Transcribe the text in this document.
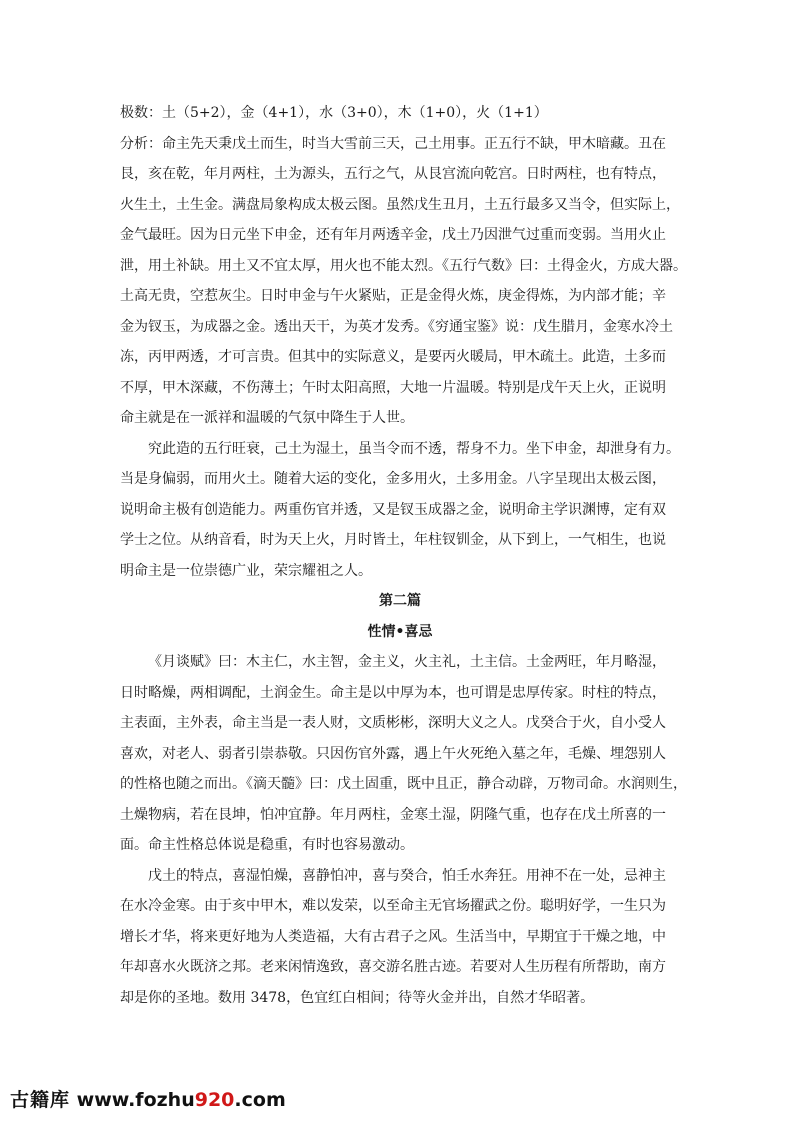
极数：土（5+2），金（4+1），水（3+0），木（1+0），火（1+1）
分析：命主先天秉戊土而生，时当大雪前三天，己土用事。正五行不缺，甲木暗藏。丑在
艮，亥在乾，年月两柱，土为源头，五行之气，从艮宫流向乾宫。日时两柱，也有特点，
火生土，土生金。满盘局象构成太极云图。虽然戊生丑月，土五行最多又当令，但实际上，
金气最旺。因为日元坐下申金，还有年月两透辛金，戊土乃因泄气过重而变弱。当用火止
泄，用土补缺。用土又不宜太厚，用火也不能太烈。《五行气数》曰：土得金火，方成大器。
土高无贵，空惹灰尘。日时申金与午火紧贴，正是金得火炼，庚金得炼，为内部才能；辛
金为钗玉，为成器之金。透出天干，为英才发秀。《穷通宝鉴》说：戊生腊月，金寒水冷土
冻，丙甲两透，才可言贵。但其中的实际意义，是要丙火暖局，甲木疏土。此造，土多而
不厚，甲木深藏，不伤薄土；午时太阳高照，大地一片温暖。特别是戊午天上火，正说明
命主就是在一派祥和温暖的气氛中降生于人世。
究此造的五行旺衰，己土为湿土，虽当令而不透，帮身不力。坐下申金，却泄身有力。
当是身偏弱，而用火土。随着大运的变化，金多用火，土多用金。八字呈现出太极云图，
说明命主极有创造能力。两重伤官并透，又是钗玉成器之金，说明命主学识渊博，定有双
学士之位。从纳音看，时为天上火，月时皆土，年柱钗钏金，从下到上，一气相生，也说
明命主是一位崇德广业，荣宗耀祖之人。
第二篇
性情•喜忌
《月谈赋》曰：木主仁，水主智，金主义，火主礼，土主信。土金两旺，年月略湿，
日时略燥，两相调配，土润金生。命主是以中厚为本，也可谓是忠厚传家。时柱的特点，
主表面，主外表，命主当是一表人财，文质彬彬，深明大义之人。戊癸合于火，自小受人
喜欢，对老人、弱者引崇恭敬。只因伤官外露，遇上午火死绝入墓之年，毛燥、埋怨别人
的性格也随之而出。《滴天髓》曰：戊土固重，既中且正，静合动辟，万物司命。水润则生，
土燥物病，若在艮坤，怕冲宜静。年月两柱，金寒土湿，阴隆气重，也存在戊土所喜的一
面。命主性格总体说是稳重，有时也容易激动。
戊土的特点，喜湿怕燥，喜静怕冲，喜与癸合，怕壬水奔狂。用神不在一处，忌神主
在水冷金寒。由于亥中甲木，难以发荣，以至命主无官场擢武之份。聪明好学，一生只为
增长才华，将来更好地为人类造福，大有古君子之风。生活当中，早期宜于干燥之地，中
年却喜水火既济之邦。老来闲情逸致，喜交游名胜古迹。若要对人生历程有所帮助，南方
却是你的圣地。数用 3478，色宜红白相间；待等火金并出，自然才华昭著。
古籍库 www.fozhu920.com
